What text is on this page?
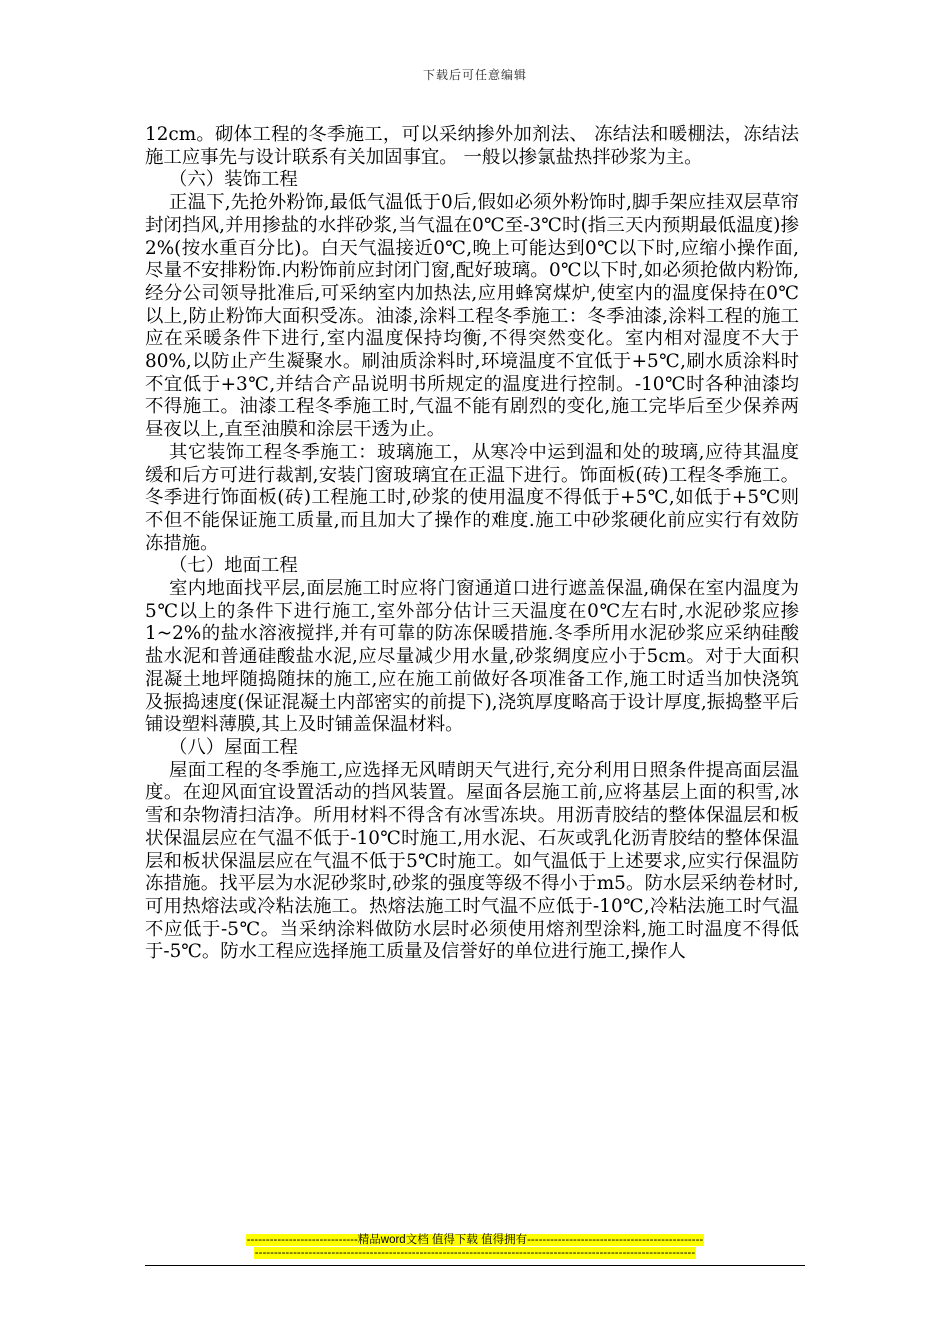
下载后可任意编辑

12cm。砌体工程的冬季施工，可以采纳掺外加剂法、 冻结法和暖棚法，冻结法施工应事先与设计联系有关加固事宜。 一般以掺氯盐热拌砂浆为主。

（六）装饰工程

正温下,先抢外粉饰,最低气温低于0后,假如必须外粉饰时,脚手架应挂双层草帘封闭挡风,并用掺盐的水拌砂浆,当气温在0℃至-3℃时(指三天内预期最低温度)掺2%(按水重百分比)。白天气温接近0℃,晚上可能达到0℃以下时,应缩小操作面,尽量不安排粉饰.内粉饰前应封闭门窗,配好玻璃。0℃以下时,如必须抢做内粉饰,经分公司领导批准后,可采纳室内加热法,应用蜂窝煤炉,使室内的温度保持在0℃以上,防止粉饰大面积受冻。油漆,涂料工程冬季施工：冬季油漆,涂料工程的施工应在采暖条件下进行,室内温度保持均衡,不得突然变化。室内相对湿度不大于80%,以防止产生凝聚水。刷油质涂料时,环境温度不宜低于+5℃,刷水质涂料时不宜低于+3℃,并结合产品说明书所规定的温度进行控制。-10℃时各种油漆均不得施工。油漆工程冬季施工时,气温不能有剧烈的变化,施工完毕后至少保养两昼夜以上,直至油膜和涂层干透为止。

其它装饰工程冬季施工：玻璃施工，从寒冷中运到温和处的玻璃,应待其温度缓和后方可进行裁割,安装门窗玻璃宜在正温下进行。饰面板(砖)工程冬季施工。冬季进行饰面板(砖)工程施工时,砂浆的使用温度不得低于+5℃,如低于+5℃则不但不能保证施工质量,而且加大了操作的难度.施工中砂浆硬化前应实行有效防冻措施。

（七）地面工程

室内地面找平层,面层施工时应将门窗通道口进行遮盖保温,确保在室内温度为5℃以上的条件下进行施工,室外部分估计三天温度在0℃左右时,水泥砂浆应掺1~2%的盐水溶液搅拌,并有可靠的防冻保暖措施.冬季所用水泥砂浆应采纳硅酸盐水泥和普通硅酸盐水泥,应尽量减少用水量,砂浆绸度应小于5cm。对于大面积混凝土地坪随捣随抹的施工,应在施工前做好各项准备工作,施工时适当加快浇筑及振捣速度(保证混凝土内部密实的前提下),浇筑厚度略高于设计厚度,振捣整平后铺设塑料薄膜,其上及时铺盖保温材料。

（八）屋面工程

屋面工程的冬季施工,应选择无风晴朗天气进行,充分利用日照条件提高面层温度。在迎风面宜设置活动的挡风装置。屋面各层施工前,应将基层上面的积雪,冰雪和杂物清扫洁净。所用材料不得含有冰雪冻块。用沥青胶结的整体保温层和板状保温层应在气温不低于-10℃时施工,用水泥、石灰或乳化沥青胶结的整体保温层和板状保温层应在气温不低于5℃时施工。如气温低于上述要求,应实行保温防冻措施。找平层为水泥砂浆时,砂浆的强度等级不得小于m5。防水层采纳卷材时,可用热熔法或冷粘法施工。热熔法施工时气温不应低于-10℃,冷粘法施工时气温不应低于-5℃。当采纳涂料做防水层时必须使用熔剂型涂料,施工时温度不得低于-5℃。防水工程应选择施工质量及信誉好的单位进行施工,操作人

-----------------------------精品word文档 值得下载 值得拥有----------------------------------------------
-------------------------------------------------------------------------------------------------------------------
